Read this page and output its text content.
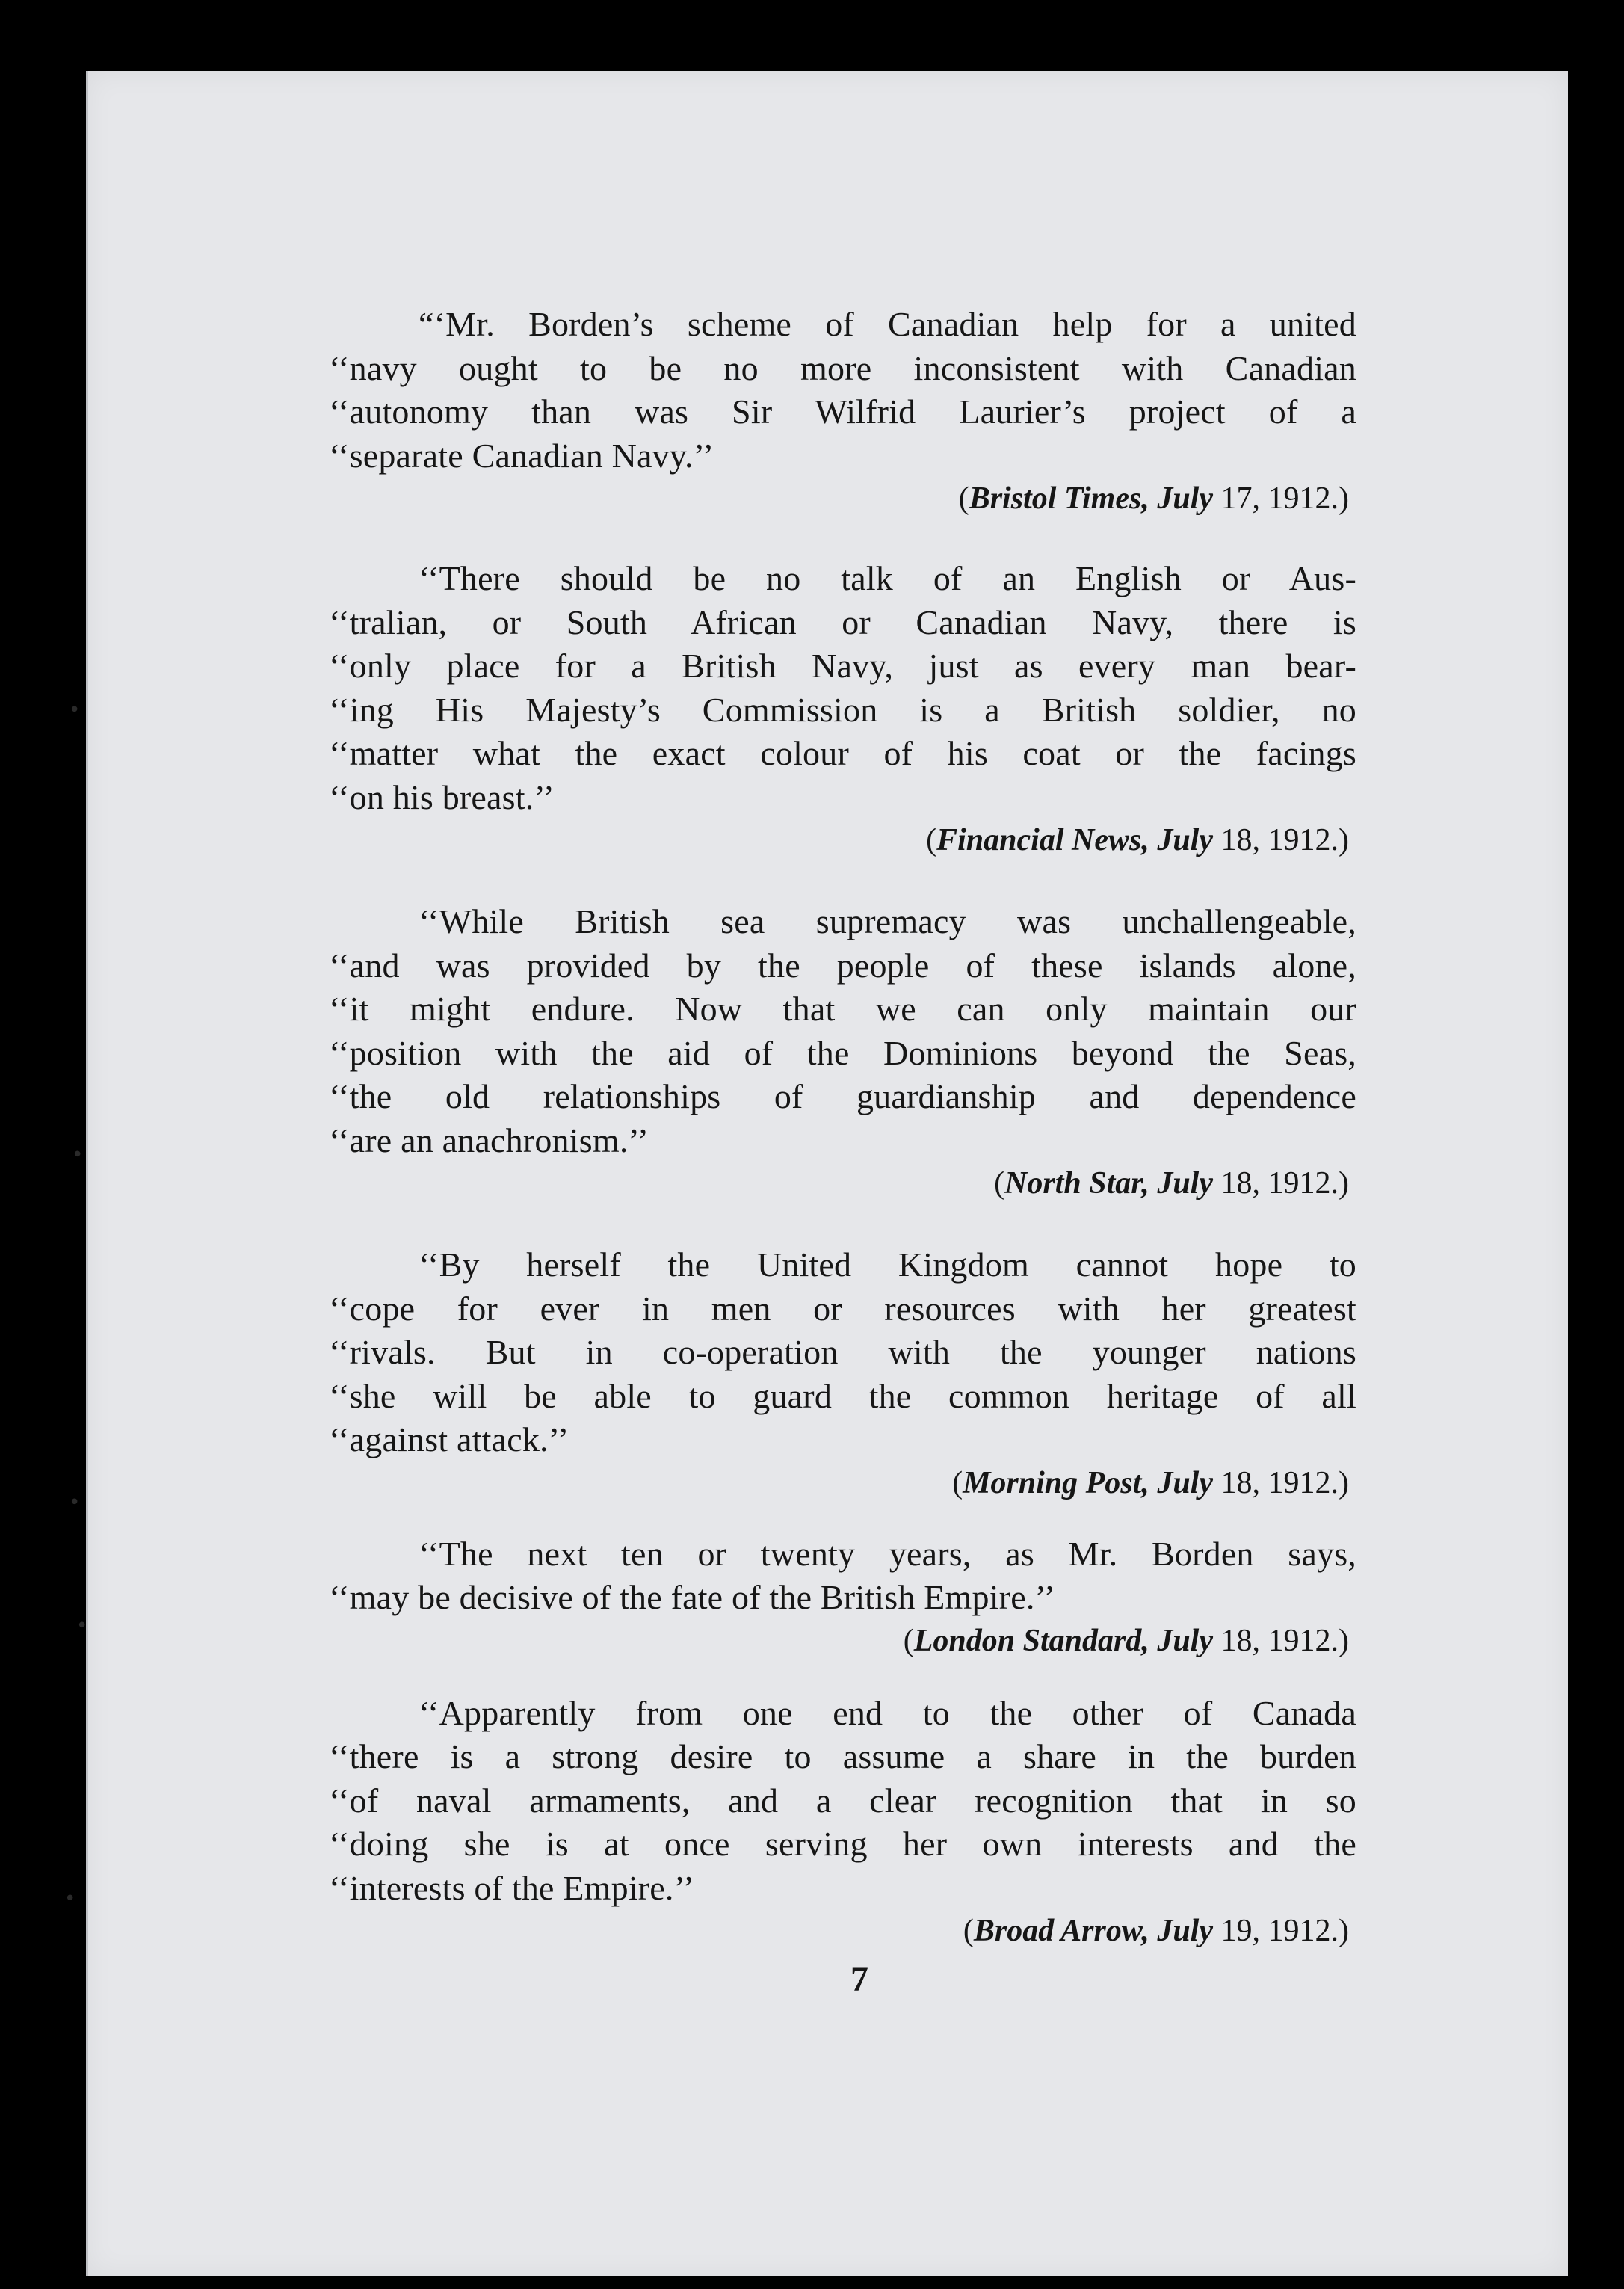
•
•
•
•
•
“‘Mr. Borden’s scheme of Canadian help for a united
‘‘navy ought to be no more inconsistent with Canadian
‘‘autonomy than was Sir Wilfrid Laurier’s project of a
‘‘separate Canadian Navy.’’
(Bristol Times, July 17, 1912.)
‘‘There should be no talk of an English or Aus-
‘‘tralian, or South African or Canadian Navy, there is
‘‘only place for a British Navy, just as every man bear-
‘‘ing His Majesty’s Commission is a British soldier, no
‘‘matter what the exact colour of his coat or the facings
‘‘on his breast.’’
(Financial News, July 18, 1912.)
‘‘While British sea supremacy was unchallengeable,
‘‘and was provided by the people of these islands alone,
‘‘it might endure. Now that we can only maintain our
‘‘position with the aid of the Dominions beyond the Seas,
‘‘the old relationships of guardianship and dependence
‘‘are an anachronism.’’
(North Star, July 18, 1912.)
‘‘By herself the United Kingdom cannot hope to
‘‘cope for ever in men or resources with her greatest
‘‘rivals. But in co-operation with the younger nations
‘‘she will be able to guard the common heritage of all
‘‘against attack.’’
(Morning Post, July 18, 1912.)
‘‘The next ten or twenty years, as Mr. Borden says,
‘‘may be decisive of the fate of the British Empire.’’
(London Standard, July 18, 1912.)
‘‘Apparently from one end to the other of Canada
‘‘there is a strong desire to assume a share in the burden
‘‘of naval armaments, and a clear recognition that in so
‘‘doing she is at once serving her own interests and the
‘‘interests of the Empire.’’
(Broad Arrow, July 19, 1912.)
7
